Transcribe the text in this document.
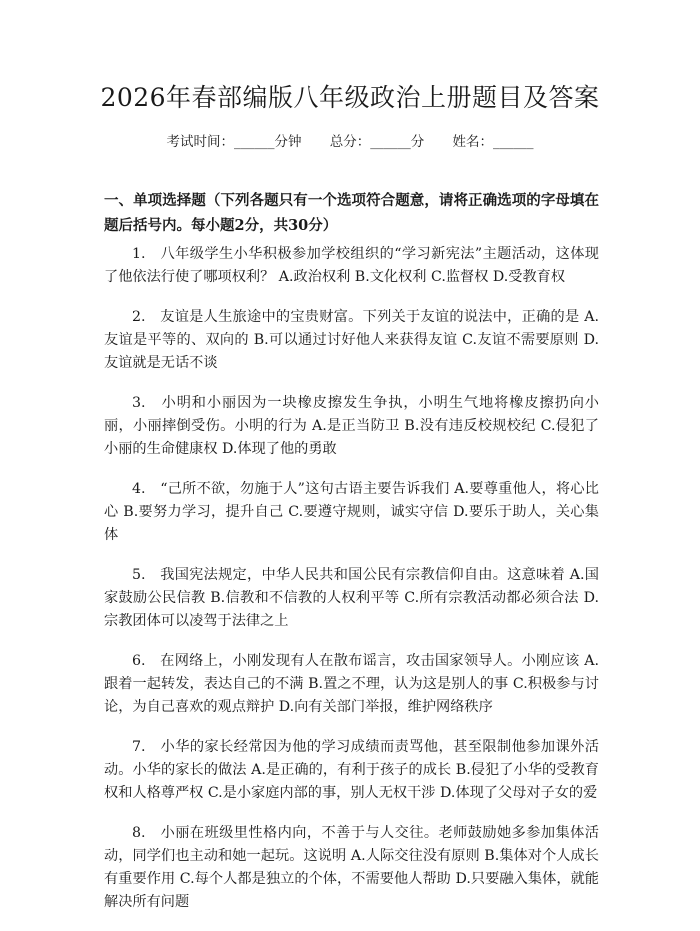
2026年春部编版八年级政治上册题目及答案
考试时间：______分钟 总分：______分 姓名：______
一、单项选择题（下列各题只有一个选项符合题意，请将正确选项的字母填在题后括号内。每小题2分，共30分）
1.　八年级学生小华积极参加学校组织的“学习新宪法”主题活动，这体现了他依法行使了哪项权利？ A.政治权利 B.文化权利 C.监督权 D.受教育权
2.　友谊是人生旅途中的宝贵财富。下列关于友谊的说法中，正确的是 A.友谊是平等的、双向的 B.可以通过讨好他人来获得友谊 C.友谊不需要原则 D.友谊就是无话不谈
3.　小明和小丽因为一块橡皮擦发生争执，小明生气地将橡皮擦扔向小丽，小丽摔倒受伤。小明的行为 A.是正当防卫 B.没有违反校规校纪 C.侵犯了小丽的生命健康权 D.体现了他的勇敢
4.　“己所不欲，勿施于人”这句古语主要告诉我们 A.要尊重他人，将心比心 B.要努力学习，提升自己 C.要遵守规则，诚实守信 D.要乐于助人，关心集体
5.　我国宪法规定，中华人民共和国公民有宗教信仰自由。这意味着 A.国家鼓励公民信教 B.信教和不信教的人权利平等 C.所有宗教活动都必须合法 D.宗教团体可以凌驾于法律之上
6.　在网络上，小刚发现有人在散布谣言，攻击国家领导人。小刚应该 A.跟着一起转发，表达自己的不满 B.置之不理，认为这是别人的事 C.积极参与讨论，为自己喜欢的观点辩护 D.向有关部门举报，维护网络秩序
7.　小华的家长经常因为他的学习成绩而责骂他，甚至限制他参加课外活动。小华的家长的做法 A.是正确的，有利于孩子的成长 B.侵犯了小华的受教育权和人格尊严权 C.是小家庭内部的事，别人无权干涉 D.体现了父母对子女的爱
8.　小丽在班级里性格内向，不善于与人交往。老师鼓励她多参加集体活动，同学们也主动和她一起玩。这说明 A.人际交往没有原则 B.集体对个人成长有重要作用 C.每个人都是独立的个体，不需要他人帮助 D.只要融入集体，就能解决所有问题
